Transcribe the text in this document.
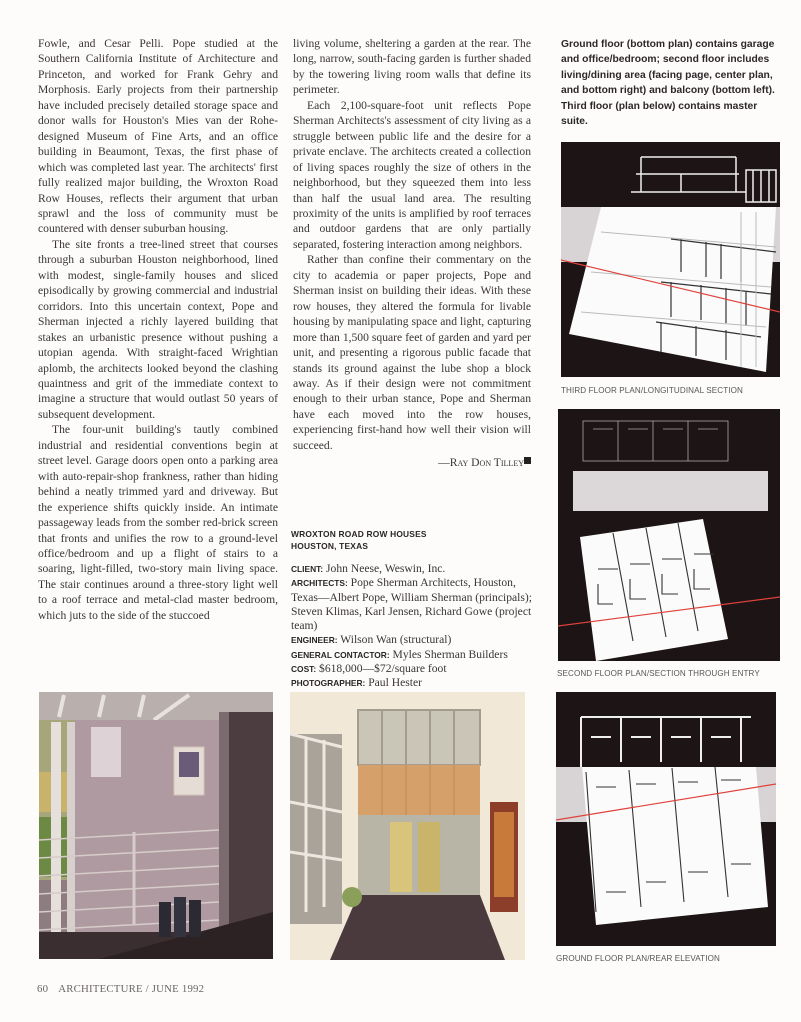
Fowle, and Cesar Pelli. Pope studied at the Southern California Institute of Architecture and Princeton, and worked for Frank Gehry and Morphosis. Early projects from their partnership have included precisely detailed storage space and donor walls for Houston's Mies van der Rohe-designed Museum of Fine Arts, and an office building in Beaumont, Texas, the first phase of which was completed last year. The architects' first fully realized major building, the Wroxton Road Row Houses, reflects their argument that urban sprawl and the loss of community must be countered with denser suburban housing.

The site fronts a tree-lined street that courses through a suburban Houston neighborhood, lined with modest, single-family houses and sliced episodically by growing commercial and industrial corridors. Into this uncertain context, Pope and Sherman injected a richly layered building that stakes an urbanistic presence without pushing a utopian agenda. With straight-faced Wrightian aplomb, the architects looked beyond the clashing quaintness and grit of the immediate context to imagine a structure that would outlast 50 years of subsequent development.

The four-unit building's tautly combined industrial and residential conventions begin at street level. Garage doors open onto a parking area with auto-repair-shop frankness, rather than hiding behind a neatly trimmed yard and driveway. But the experience shifts quickly inside. An intimate passageway leads from the somber red-brick screen that fronts and unifies the row to a ground-level office/bedroom and up a flight of stairs to a soaring, light-filled, two-story main living space. The stair continues around a three-story light well to a roof terrace and metal-clad master bedroom, which juts to the side of the stuccoed

living volume, sheltering a garden at the rear. The long, narrow, south-facing garden is further shaded by the towering living room walls that define its perimeter.

Each 2,100-square-foot unit reflects Pope Sherman Architects's assessment of city living as a struggle between public life and the desire for a private enclave. The architects created a collection of living spaces roughly the size of others in the neighborhood, but they squeezed them into less than half the usual land area. The resulting proximity of the units is amplified by roof terraces and outdoor gardens that are only partially separated, fostering interaction among neighbors.

Rather than confine their commentary on the city to academia or paper projects, Pope and Sherman insist on building their ideas. With these row houses, they altered the formula for livable housing by manipulating space and light, capturing more than 1,500 square feet of garden and yard per unit, and presenting a rigorous public facade that stands its ground against the lube shop a block away. As if their design were not commitment enough to their urban stance, Pope and Sherman have each moved into the row houses, experiencing first-hand how well their vision will succeed.

—Ray Don Tilley
WROXTON ROAD ROW HOUSES
HOUSTON, TEXAS
CLIENT: John Neese, Weswin, Inc.
ARCHITECTS: Pope Sherman Architects, Houston, Texas—Albert Pope, William Sherman (principals); Steven Klimas, Karl Jensen, Richard Gowe (project team)
ENGINEER: Wilson Wan (structural)
GENERAL CONTACTOR: Myles Sherman Builders
COST: $618,000—$72/square foot
PHOTOGRAPHER: Paul Hester
Ground floor (bottom plan) contains garage and office/bedroom; second floor includes living/dining area (facing page, center plan, and bottom right) and balcony (bottom left). Third floor (plan below) contains master suite.
THIRD FLOOR PLAN/LONGITUDINAL SECTION
SECOND FLOOR PLAN/SECTION THROUGH ENTRY
GROUND FLOOR PLAN/REAR ELEVATION
60 ARCHITECTURE / JUNE 1992
